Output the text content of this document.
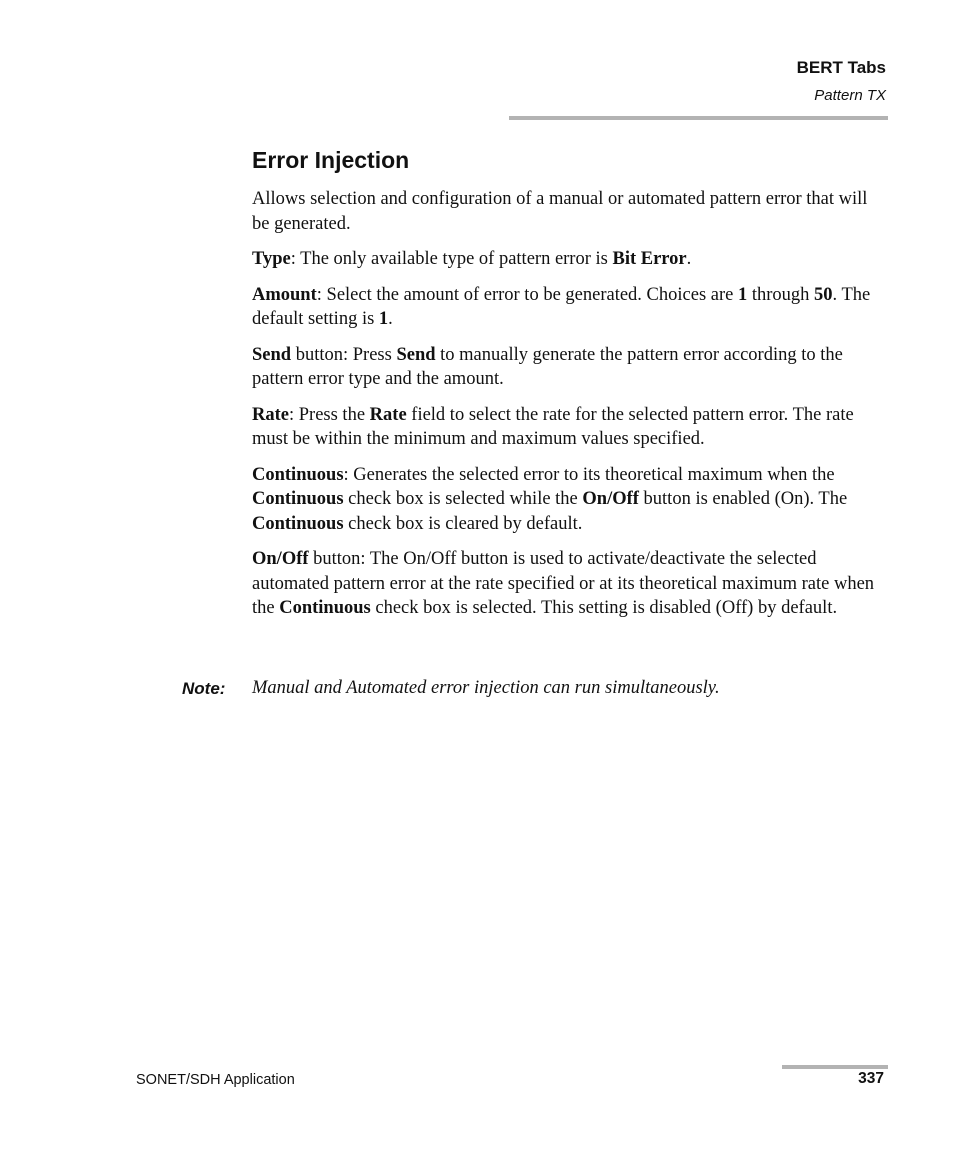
BERT Tabs
Pattern TX
Error Injection

Allows selection and configuration of a manual or automated pattern error that will be generated.

Type: The only available type of pattern error is Bit Error.

Amount: Select the amount of error to be generated. Choices are 1 through 50. The default setting is 1.

Send button: Press Send to manually generate the pattern error according to the pattern error type and the amount.

Rate: Press the Rate field to select the rate for the selected pattern error. The rate must be within the minimum and maximum values specified.

Continuous: Generates the selected error to its theoretical maximum when the Continuous check box is selected while the On/Off button is enabled (On). The Continuous check box is cleared by default.

On/Off button: The On/Off button is used to activate/deactivate the selected automated pattern error at the rate specified or at its theoretical maximum rate when the Continuous check box is selected. This setting is disabled (Off) by default.

Note:	Manual and Automated error injection can run simultaneously.
SONET/SDH Application	337
